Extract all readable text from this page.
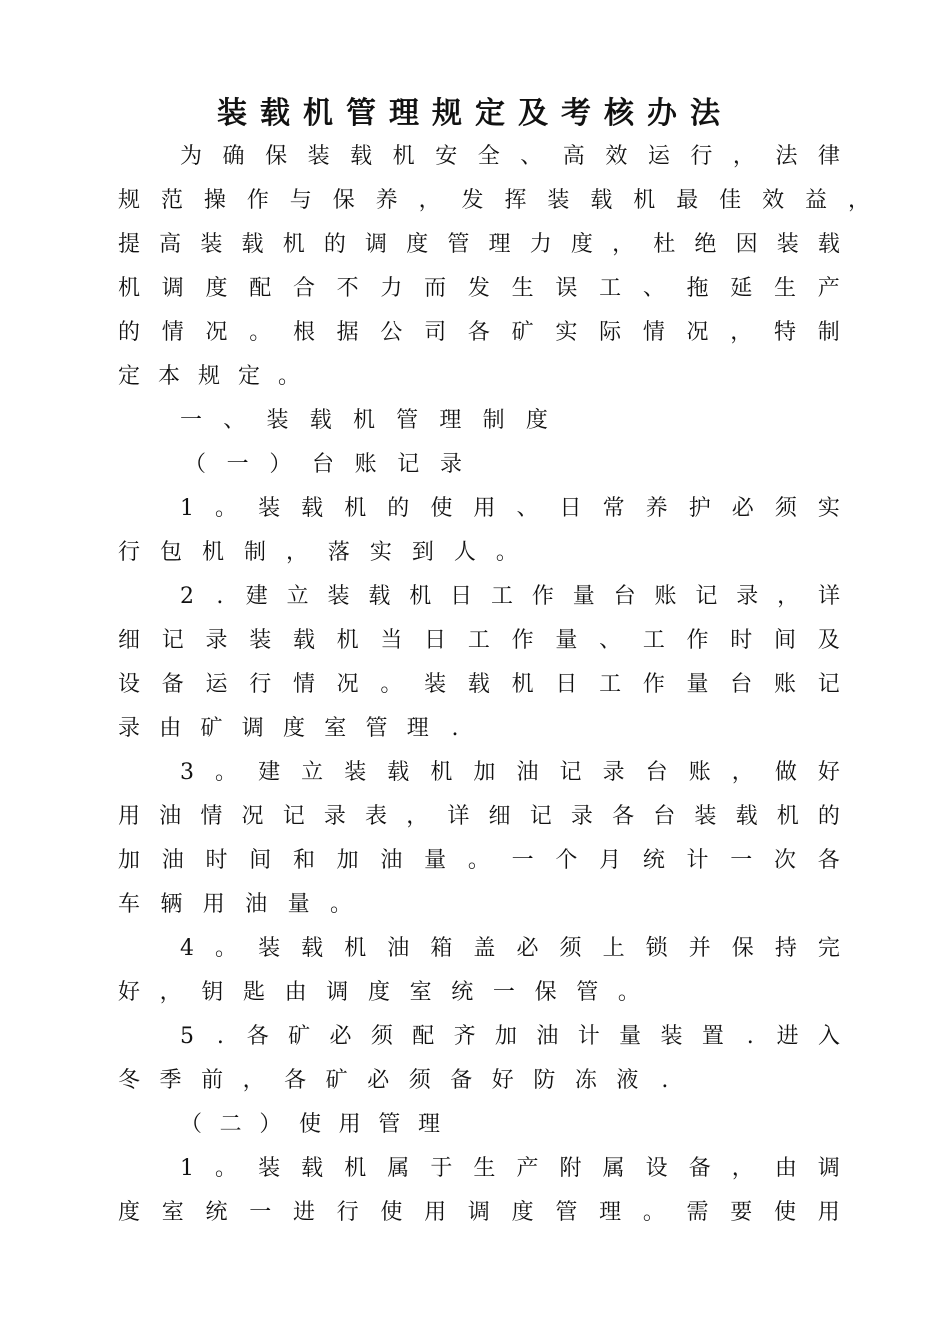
装载机管理规定及考核办法
为 确 保 装 载 机 安 全 、 高 效 运 行 ， 法 律
规 范 操 作 与 保 养 ， 发 挥 装 载 机 最 佳 效 益 ，
提 高 装 载 机 的 调 度 管 理 力 度 ， 杜 绝 因 装 载
机 调 度 配 合 不 力 而 发 生 误 工 、 拖 延 生 产
的 情 况 。 根 据 公 司 各 矿 实 际 情 况 ， 特 制
定 本 规 定 。
一 、 装 载 机 管 理 制 度
（ 一 ） 台 账 记 录
1 。 装 载 机 的 使 用 、 日 常 养 护 必 须 实
行 包 机 制 ， 落 实 到 人 。
2 . 建 立 装 载 机 日 工 作 量 台 账 记 录 ， 详
细 记 录 装 载 机 当 日 工 作 量 、 工 作 时 间 及
设 备 运 行 情 况 。 装 载 机 日 工 作 量 台 账 记
录 由 矿 调 度 室 管 理 .
3 。 建 立 装 载 机 加 油 记 录 台 账 ， 做 好
用 油 情 况 记 录 表 ， 详 细 记 录 各 台 装 载 机 的
加 油 时 间 和 加 油 量 。 一 个 月 统 计 一 次 各
车 辆 用 油 量 。
4 。 装 载 机 油 箱 盖 必 须 上 锁 并 保 持 完
好 ， 钥 匙 由 调 度 室 统 一 保 管 。
5 . 各 矿 必 须 配 齐 加 油 计 量 装 置 . 进 入
冬 季 前 ， 各 矿 必 须 备 好 防 冻 液 .
（ 二 ） 使 用 管 理
1 。 装 载 机 属 于 生 产 附 属 设 备 ， 由 调
度 室 统 一 进 行 使 用 调 度 管 理 。 需 要 使 用
